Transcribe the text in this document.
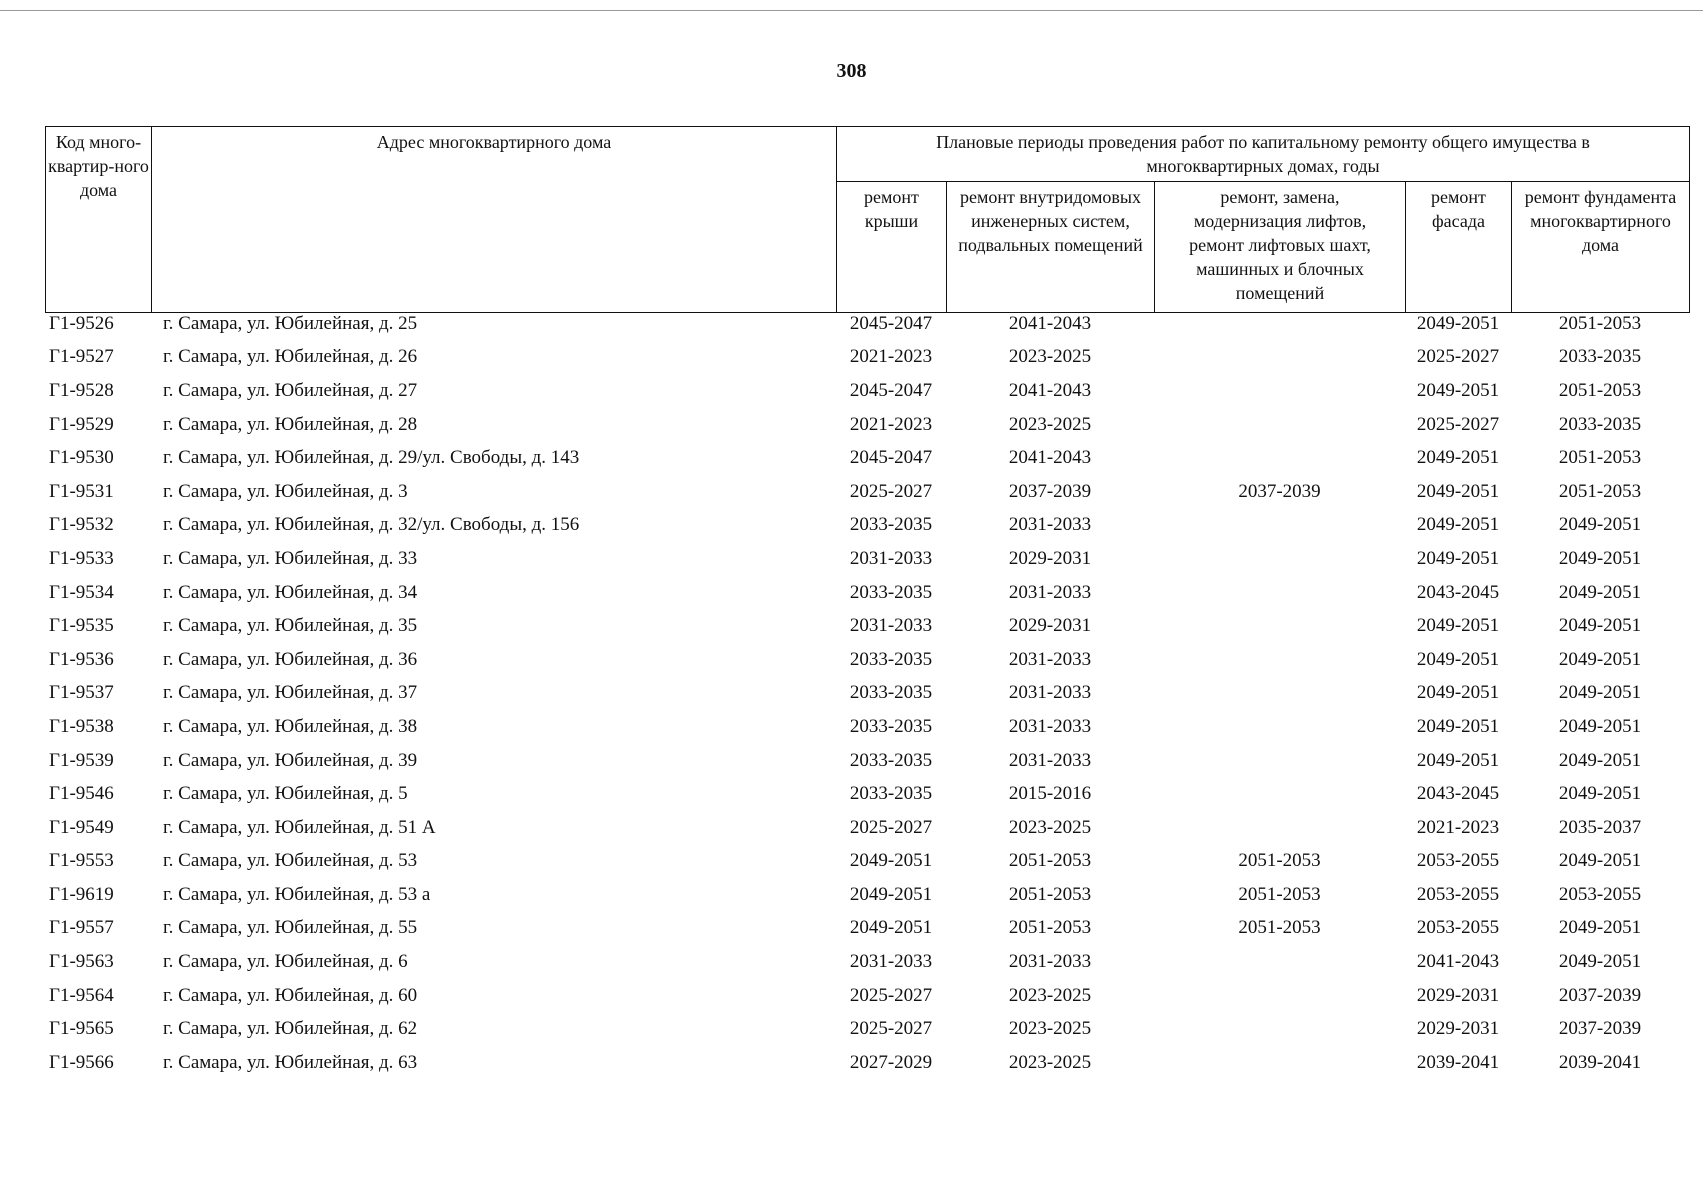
308
Код много-квартир-ного дома	Адрес многоквартирного дома	Плановые периоды проведения работ по капитальному ремонту общего имущества в многоквартирных домах, годы				
		ремонт крыши	ремонт внутридомовых инженерных систем, подвальных помещений	ремонт, замена, модернизация лифтов, ремонт лифтовых шахт, машинных и блочных помещений	ремонт фасада	ремонт фундамента многоквартирного дома
Г1-9526	г. Самара, ул. Юбилейная, д. 25	2045-2047	2041-2043		2049-2051	2051-2053
Г1-9527	г. Самара, ул. Юбилейная, д. 26	2021-2023	2023-2025		2025-2027	2033-2035
Г1-9528	г. Самара, ул. Юбилейная, д. 27	2045-2047	2041-2043		2049-2051	2051-2053
Г1-9529	г. Самара, ул. Юбилейная, д. 28	2021-2023	2023-2025		2025-2027	2033-2035
Г1-9530	г. Самара, ул. Юбилейная, д. 29/ул. Свободы, д. 143	2045-2047	2041-2043		2049-2051	2051-2053
Г1-9531	г. Самара, ул. Юбилейная, д. 3	2025-2027	2037-2039	2037-2039	2049-2051	2051-2053
Г1-9532	г. Самара, ул. Юбилейная, д. 32/ул. Свободы, д. 156	2033-2035	2031-2033		2049-2051	2049-2051
Г1-9533	г. Самара, ул. Юбилейная, д. 33	2031-2033	2029-2031		2049-2051	2049-2051
Г1-9534	г. Самара, ул. Юбилейная, д. 34	2033-2035	2031-2033		2043-2045	2049-2051
Г1-9535	г. Самара, ул. Юбилейная, д. 35	2031-2033	2029-2031		2049-2051	2049-2051
Г1-9536	г. Самара, ул. Юбилейная, д. 36	2033-2035	2031-2033		2049-2051	2049-2051
Г1-9537	г. Самара, ул. Юбилейная, д. 37	2033-2035	2031-2033		2049-2051	2049-2051
Г1-9538	г. Самара, ул. Юбилейная, д. 38	2033-2035	2031-2033		2049-2051	2049-2051
Г1-9539	г. Самара, ул. Юбилейная, д. 39	2033-2035	2031-2033		2049-2051	2049-2051
Г1-9546	г. Самара, ул. Юбилейная, д. 5	2033-2035	2015-2016		2043-2045	2049-2051
Г1-9549	г. Самара, ул. Юбилейная, д. 51 А	2025-2027	2023-2025		2021-2023	2035-2037
Г1-9553	г. Самара, ул. Юбилейная, д. 53	2049-2051	2051-2053	2051-2053	2053-2055	2049-2051
Г1-9619	г. Самара, ул. Юбилейная, д. 53 а	2049-2051	2051-2053	2051-2053	2053-2055	2053-2055
Г1-9557	г. Самара, ул. Юбилейная, д. 55	2049-2051	2051-2053	2051-2053	2053-2055	2049-2051
Г1-9563	г. Самара, ул. Юбилейная, д. 6	2031-2033	2031-2033		2041-2043	2049-2051
Г1-9564	г. Самара, ул. Юбилейная, д. 60	2025-2027	2023-2025		2029-2031	2037-2039
Г1-9565	г. Самара, ул. Юбилейная, д. 62	2025-2027	2023-2025		2029-2031	2037-2039
Г1-9566	г. Самара, ул. Юбилейная, д. 63	2027-2029	2023-2025		2039-2041	2039-2041
